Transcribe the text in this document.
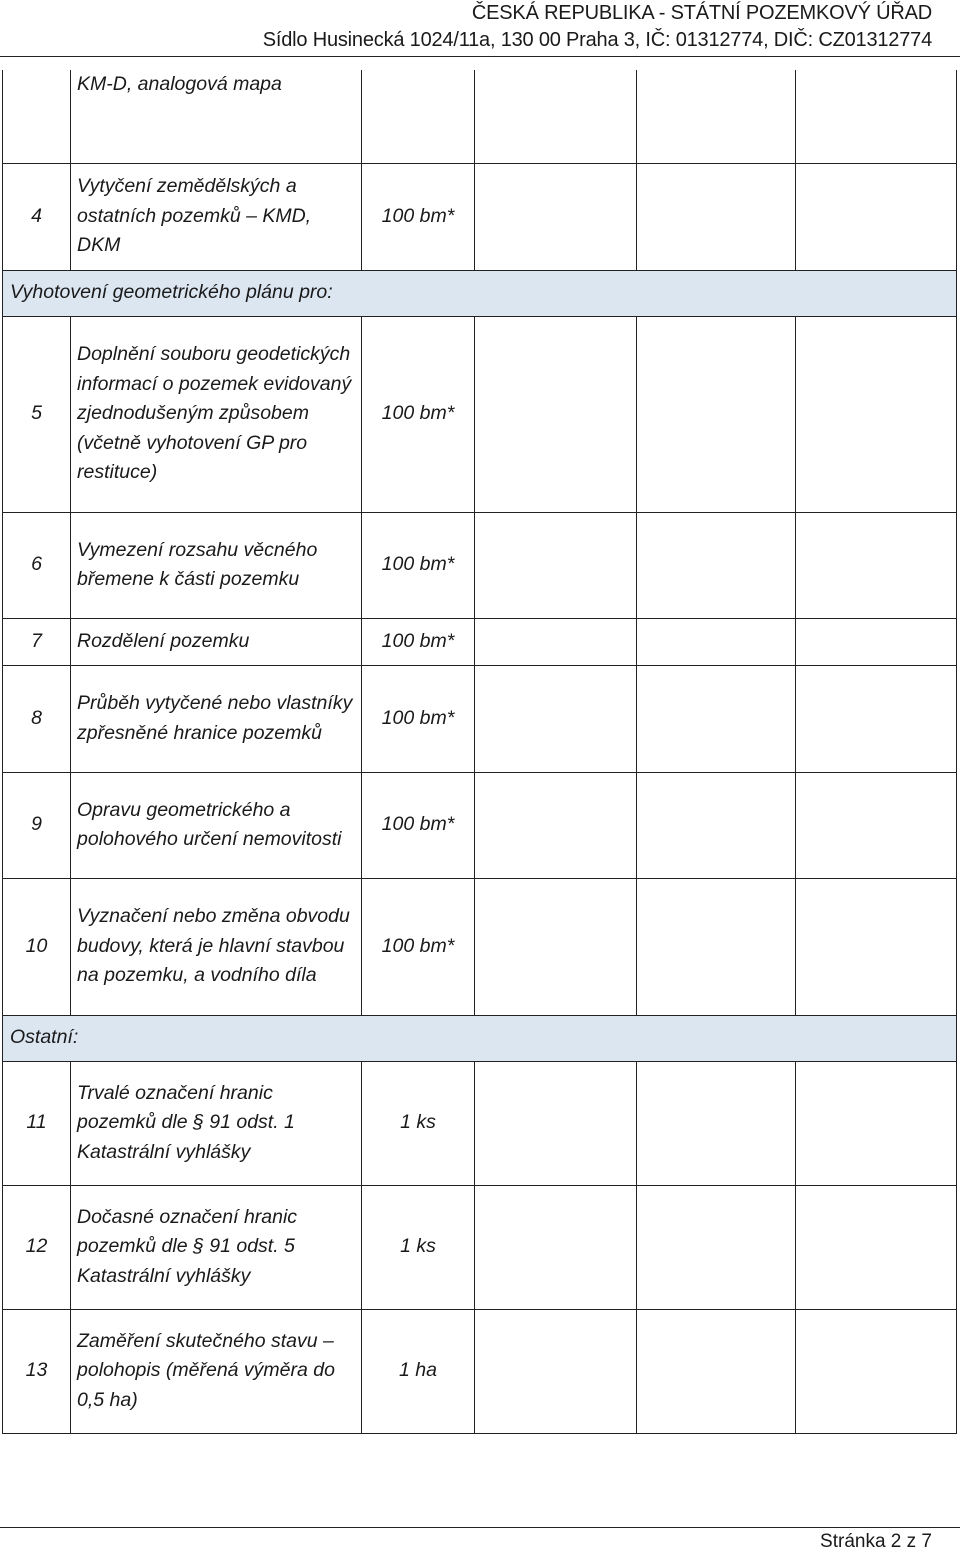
ČESKÁ REPUBLIKA - STÁTNÍ POZEMKOVÝ ÚŘAD
Sídlo Husinecká 1024/11a, 130 00 Praha 3, IČ: 01312774, DIČ: CZ01312774
	KM-D, analogová mapa				
4	Vytyčení zemědělských a ostatních pozemků – KMD, DKM	100 bm*			
Vyhotovení geometrického plánu pro:					
5	Doplnění souboru geodetických informací o pozemek evidovaný zjednodušeným způsobem (včetně vyhotovení GP pro restituce)	100 bm*			
6	Vymezení rozsahu věcného břemene k části pozemku	100 bm*			
7	Rozdělení pozemku	100 bm*			
8	Průběh vytyčené nebo vlastníky zpřesněné hranice pozemků	100 bm*			
9	Opravu geometrického a polohového určení nemovitosti	100 bm*			
10	Vyznačení nebo změna obvodu budovy, která je hlavní stavbou na pozemku, a vodního díla	100 bm*			
Ostatní:					
11	Trvalé označení hranic pozemků dle § 91 odst. 1 Katastrální vyhlášky	1 ks			
12	Dočasné označení hranic pozemků dle § 91 odst. 5 Katastrální vyhlášky	1 ks			
13	Zaměření skutečného stavu – polohopis (měřená výměra do 0,5 ha)	1 ha			
Stránka 2 z 7
